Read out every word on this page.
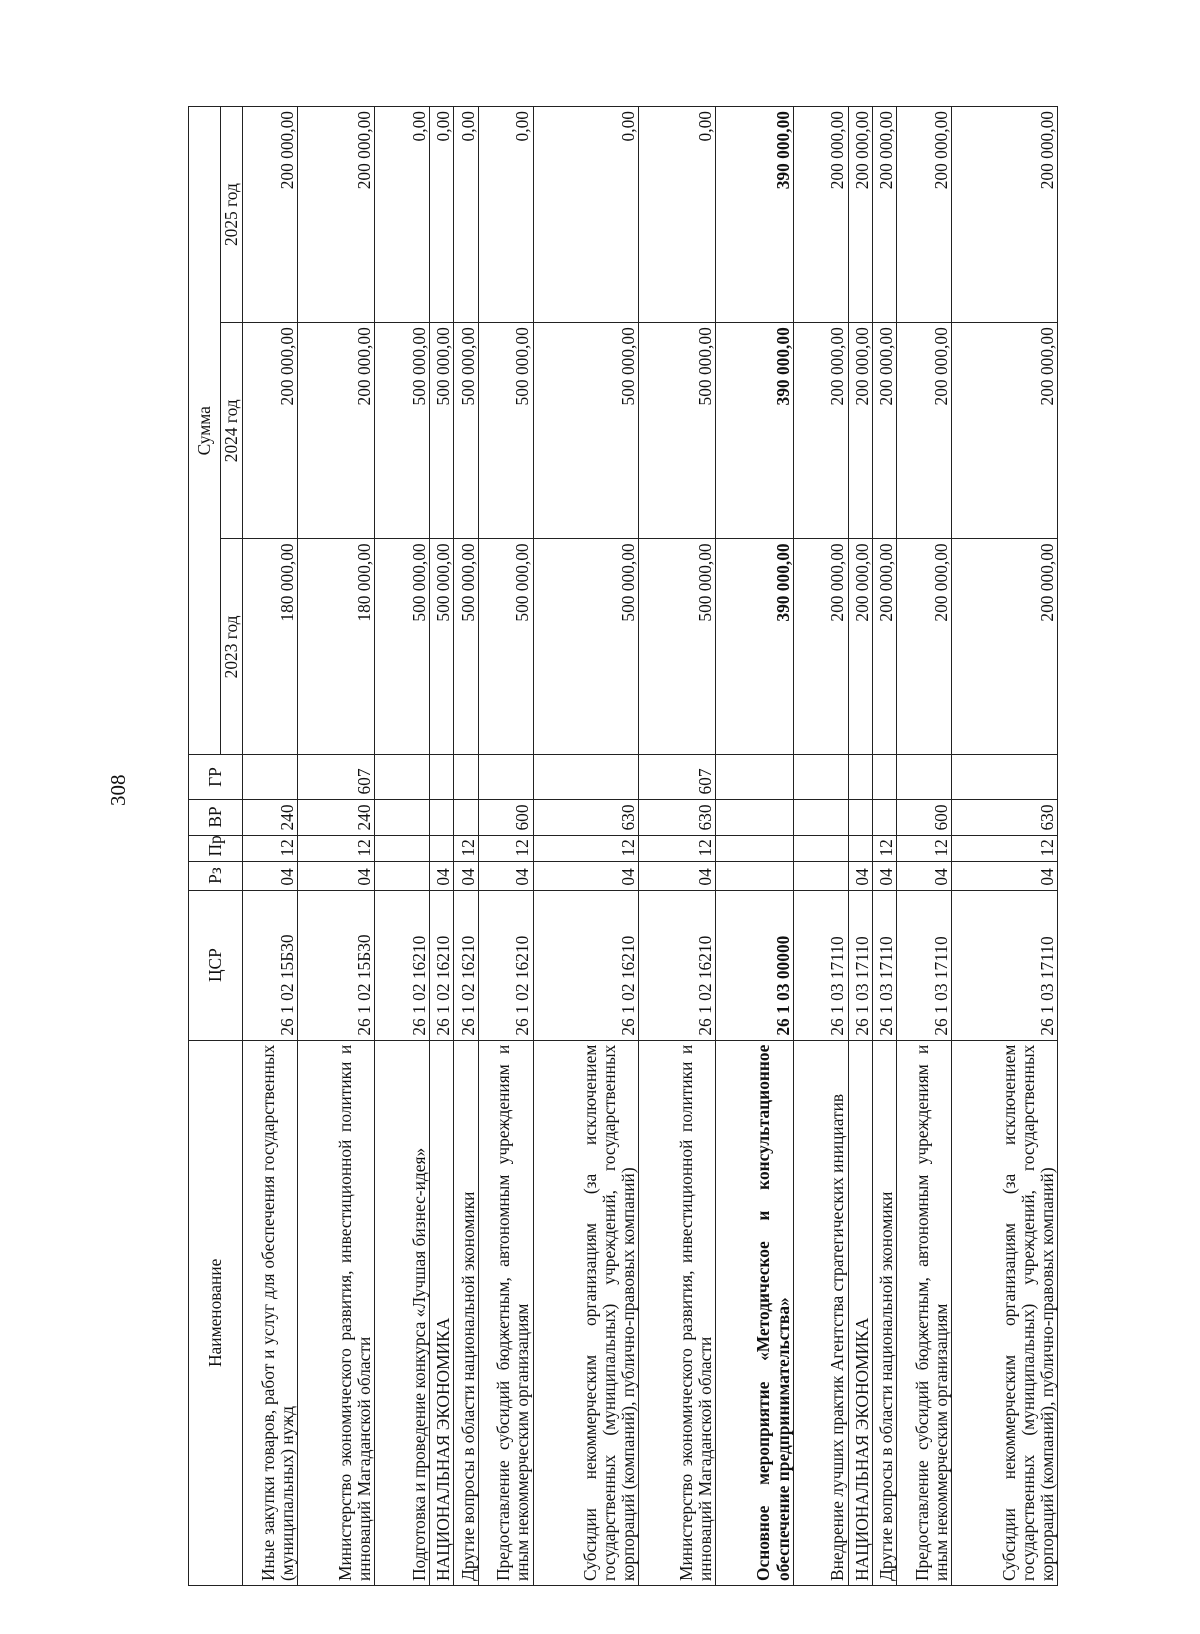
308
Наименование	ЦСР	Рз	Пр	ВР	ГР	Сумма		
						2023 год	2024 год	2025 год
Иные закупки товаров, работ и услуг для обеспечения государственных (муниципальных) нужд	26 1 02 15Б30	04	12	240		180 000,00	200 000,00	200 000,00
Министерство экономического развития, инвестиционной политики и инноваций Магаданской области	26 1 02 15Б30	04	12	240	607	180 000,00	200 000,00	200 000,00
Подготовка и проведение конкурса «Лучшая бизнес-идея»	26 1 02 16210					500 000,00	500 000,00	0,00
НАЦИОНАЛЬНАЯ ЭКОНОМИКА	26 1 02 16210	04				500 000,00	500 000,00	0,00
Другие вопросы в области национальной экономики	26 1 02 16210	04	12			500 000,00	500 000,00	0,00
Предоставление субсидий бюджетным, автономным учреждениям и иным некоммерческим организациям	26 1 02 16210	04	12	600		500 000,00	500 000,00	0,00
Субсидии некоммерческим организациям (за исключением государственных (муниципальных) учреждений, государственных корпораций (компаний), публично-правовых компаний)	26 1 02 16210	04	12	630		500 000,00	500 000,00	0,00
Министерство экономического развития, инвестиционной политики и инноваций Магаданской области	26 1 02 16210	04	12	630	607	500 000,00	500 000,00	0,00
Основное мероприятие «Методическое и консультационное обеспечение предпринимательства»	26 1 03 00000					390 000,00	390 000,00	390 000,00
Внедрение лучших практик Агентства стратегических инициатив	26 1 03 17110					200 000,00	200 000,00	200 000,00
НАЦИОНАЛЬНАЯ ЭКОНОМИКА	26 1 03 17110	04				200 000,00	200 000,00	200 000,00
Другие вопросы в области национальной экономики	26 1 03 17110	04	12			200 000,00	200 000,00	200 000,00
Предоставление субсидий бюджетным, автономным учреждениям и иным некоммерческим организациям	26 1 03 17110	04	12	600		200 000,00	200 000,00	200 000,00
Субсидии некоммерческим организациям (за исключением государственных (муниципальных) учреждений, государственных корпораций (компаний), публично-правовых компаний)	26 1 03 17110	04	12	630		200 000,00	200 000,00	200 000,00
